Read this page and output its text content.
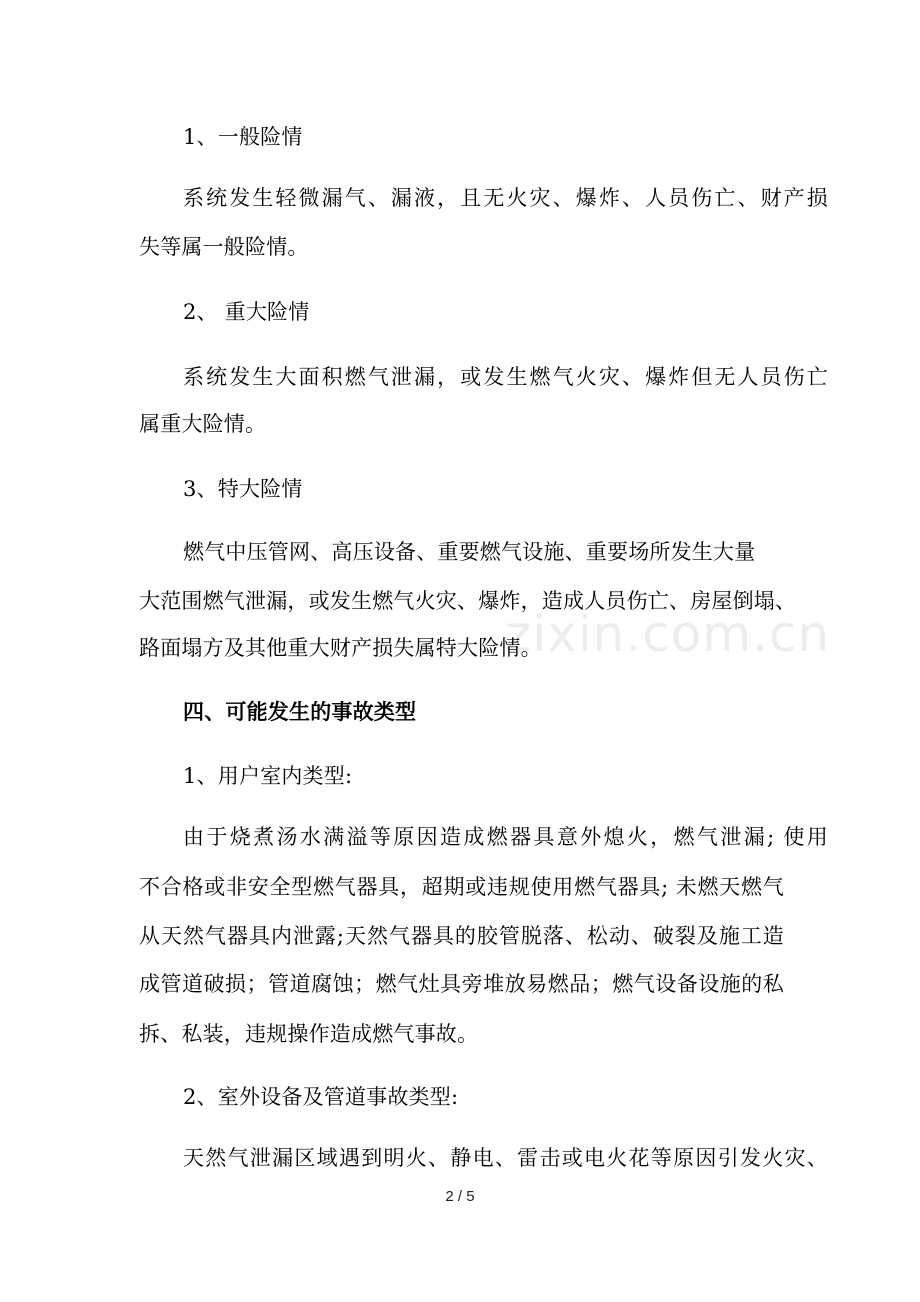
1、一般险情
系统发生轻微漏气、漏液，且无火灾、爆炸、人员伤亡、财产损
失等属一般险情。
2、 重大险情
系统发生大面积燃气泄漏，或发生燃气火灾、爆炸但无人员伤亡
属重大险情。
3、特大险情
燃气中压管网、高压设备、重要燃气设施、重要场所发生大量
大范围燃气泄漏，或发生燃气火灾、爆炸，造成人员伤亡、房屋倒塌、
路面塌方及其他重大财产损失属特大险情。
四、可能发生的事故类型
1、用户室内类型:
由于烧煮汤水满溢等原因造成燃器具意外熄火，燃气泄漏; 使用
不合格或非安全型燃气器具，超期或违规使用燃气器具; 未燃天燃气
从天然气器具内泄露;天然气器具的胶管脱落、松动、破裂及施工造
成管道破损；管道腐蚀；燃气灶具旁堆放易燃品；燃气设备设施的私
拆、私装，违规操作造成燃气事故。
2、室外设备及管道事故类型:
天然气泄漏区域遇到明火、静电、雷击或电火花等原因引发火灾、
zixin.com.cn
2 / 5
